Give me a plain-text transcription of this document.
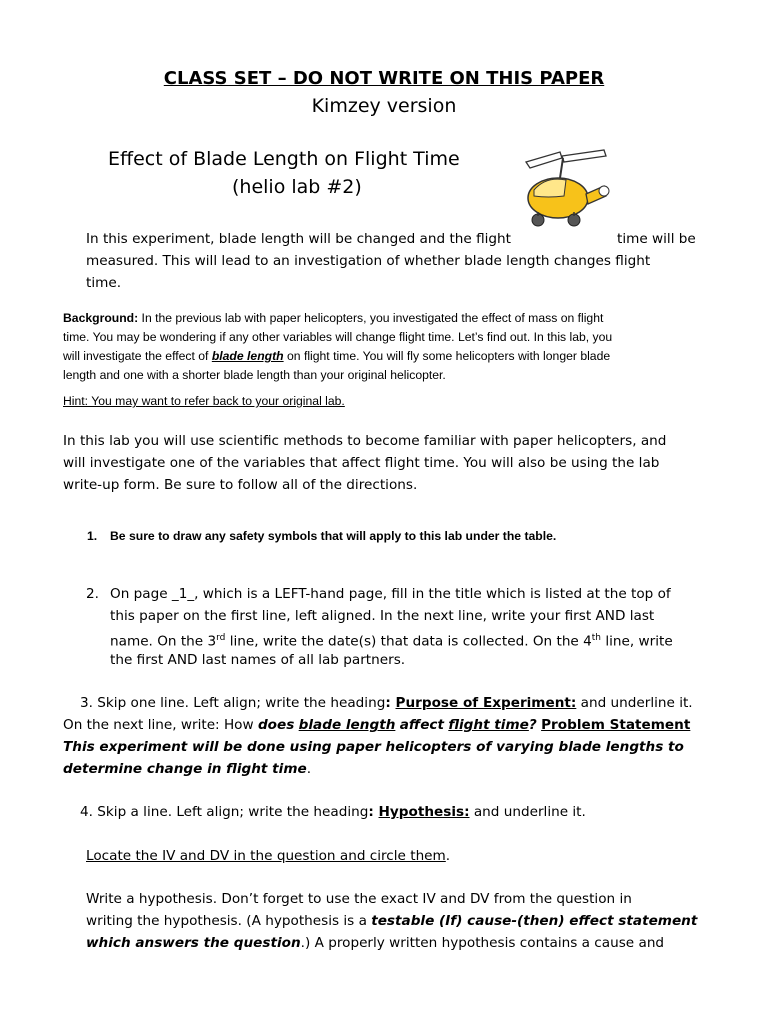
CLASS SET – DO NOT WRITE ON THIS PAPER

Kimzey version

Effect of Blade Length on Flight Time

(helio lab #2)

In this experiment, blade length will be changed and the flight	time will be

measured. This will lead to an investigation of whether blade length changes flight

time.

Background: In the previous lab with paper helicopters, you investigated the effect of mass on flight
time. You may be wondering if any other variables will change flight time. Let’s find out. In this lab, you
will investigate the effect of blade length on flight time. You will fly some helicopters with longer blade
length and one with a shorter blade length than your original helicopter.

Hint: You may want to refer back to your original lab.

In this lab you will use scientific methods to become familiar with paper helicopters, and

will investigate one of the variables that affect flight time. You will also be using the lab

write-up form. Be sure to follow all of the directions.

1. Be sure to draw any safety symbols that will apply to this lab under the table.

2. On page _1_, which is a LEFT-hand page, fill in the title which is listed at the top of

this paper on the first line, left aligned. In the next line, write your first AND last

name. On the 3rd line, write the date(s) that data is collected. On the 4th line, write

the first AND last names of all lab partners.

3. Skip one line. Left align; write the heading: Purpose of Experiment: and underline it.

On the next line, write: How does blade length affect flight time? Problem Statement

This experiment will be done using paper helicopters of varying blade lengths to

determine change in flight time.

4. Skip a line. Left align; write the heading: Hypothesis: and underline it.

Locate the IV and DV in the question and circle them.

Write a hypothesis. Don’t forget to use the exact IV and DV from the question in

writing the hypothesis. (A hypothesis is a testable (If) cause-(then) effect statement

which answers the question.) A properly written hypothesis contains a cause and
